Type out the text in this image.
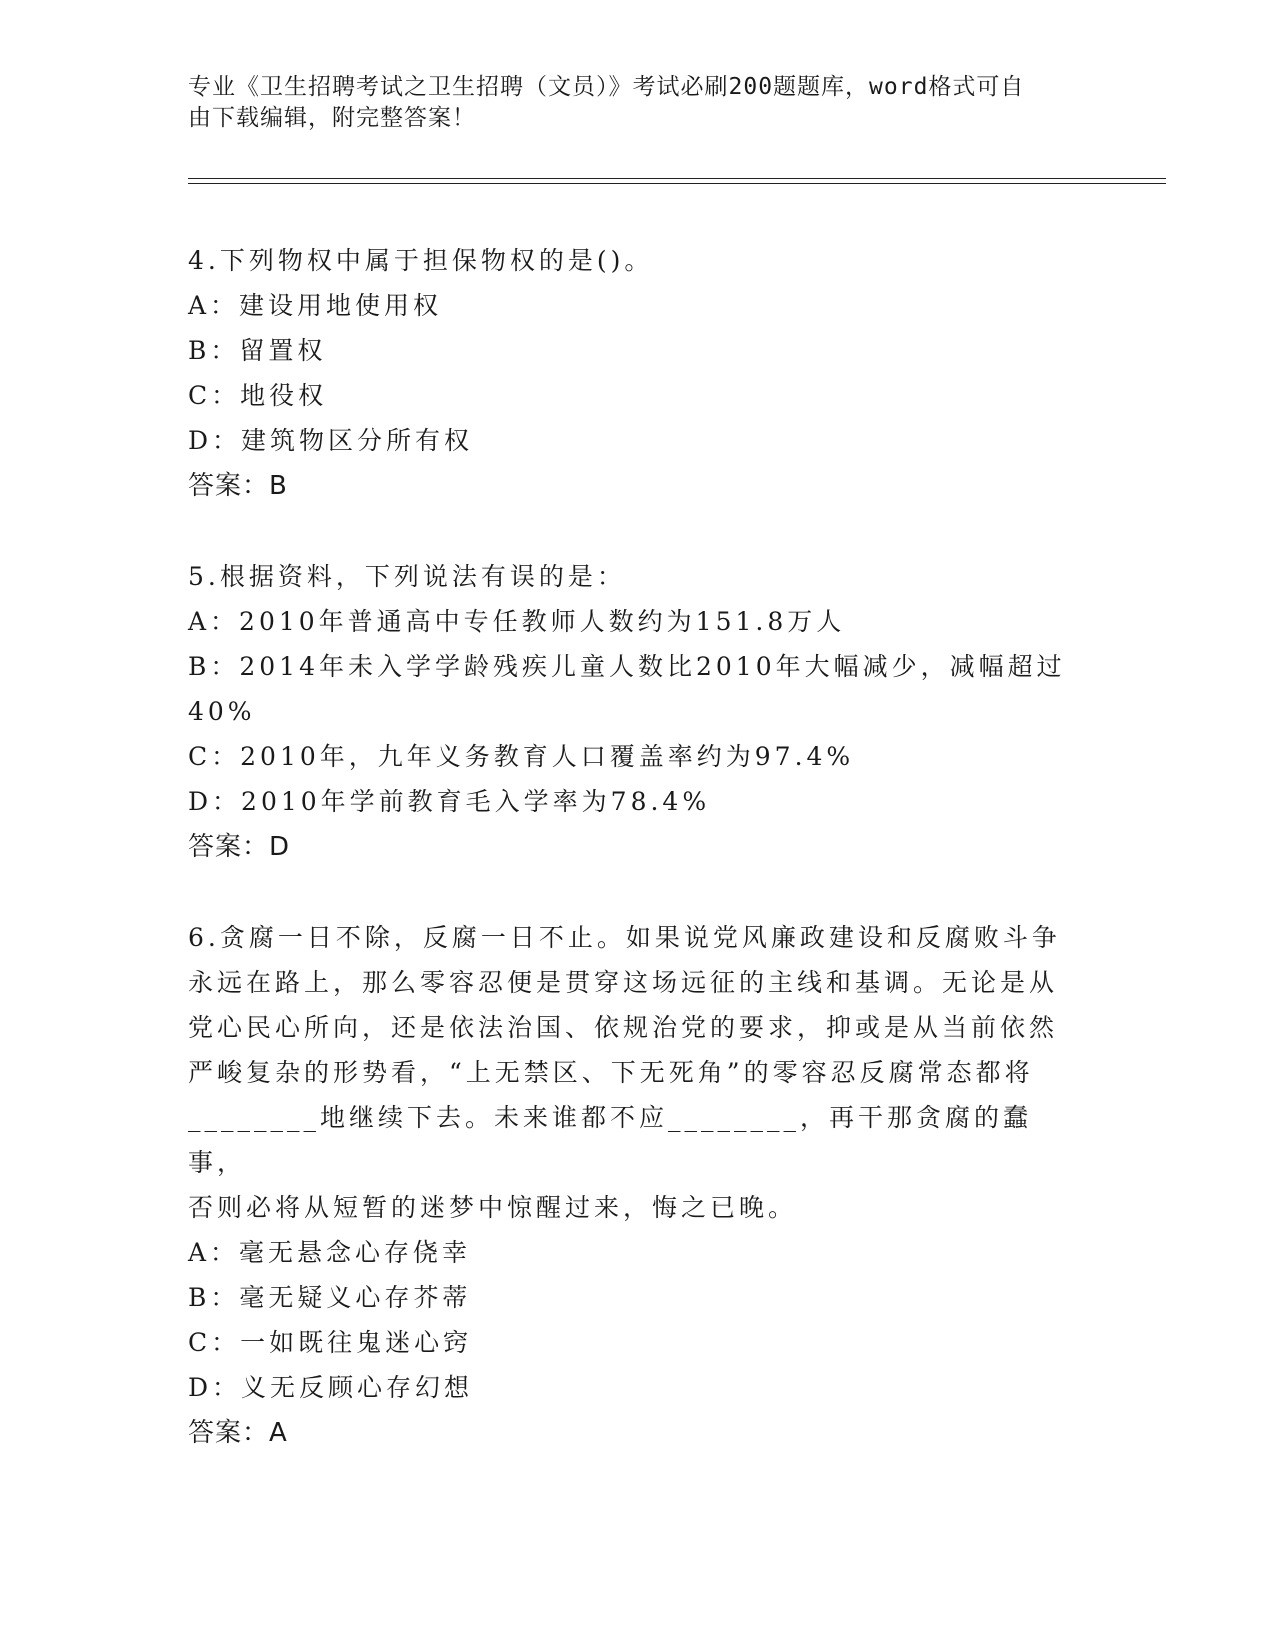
专业《卫生招聘考试之卫生招聘（文员）》考试必刷200题题库，word格式可自
由下载编辑，附完整答案！
4.下列物权中属于担保物权的是()。
A：建设用地使用权
B：留置权
C：地役权
D：建筑物区分所有权
答案：B
5.根据资料，下列说法有误的是：
A：2010年普通高中专任教师人数约为151.8万人
B：2014年未入学学龄残疾儿童人数比2010年大幅减少，减幅超过
40%
C：2010年，九年义务教育人口覆盖率约为97.4%
D：2010年学前教育毛入学率为78.4%
答案：D
6.贪腐一日不除，反腐一日不止。如果说党风廉政建设和反腐败斗争
永远在路上，那么零容忍便是贯穿这场远征的主线和基调。无论是从
党心民心所向，还是依法治国、依规治党的要求，抑或是从当前依然
严峻复杂的形势看，“上无禁区、下无死角”的零容忍反腐常态都将
________地继续下去。未来谁都不应________，再干那贪腐的蠢事，
否则必将从短暂的迷梦中惊醒过来，悔之已晚。
A：毫无悬念心存侥幸
B：毫无疑义心存芥蒂
C：一如既往鬼迷心窍
D：义无反顾心存幻想
答案：A
